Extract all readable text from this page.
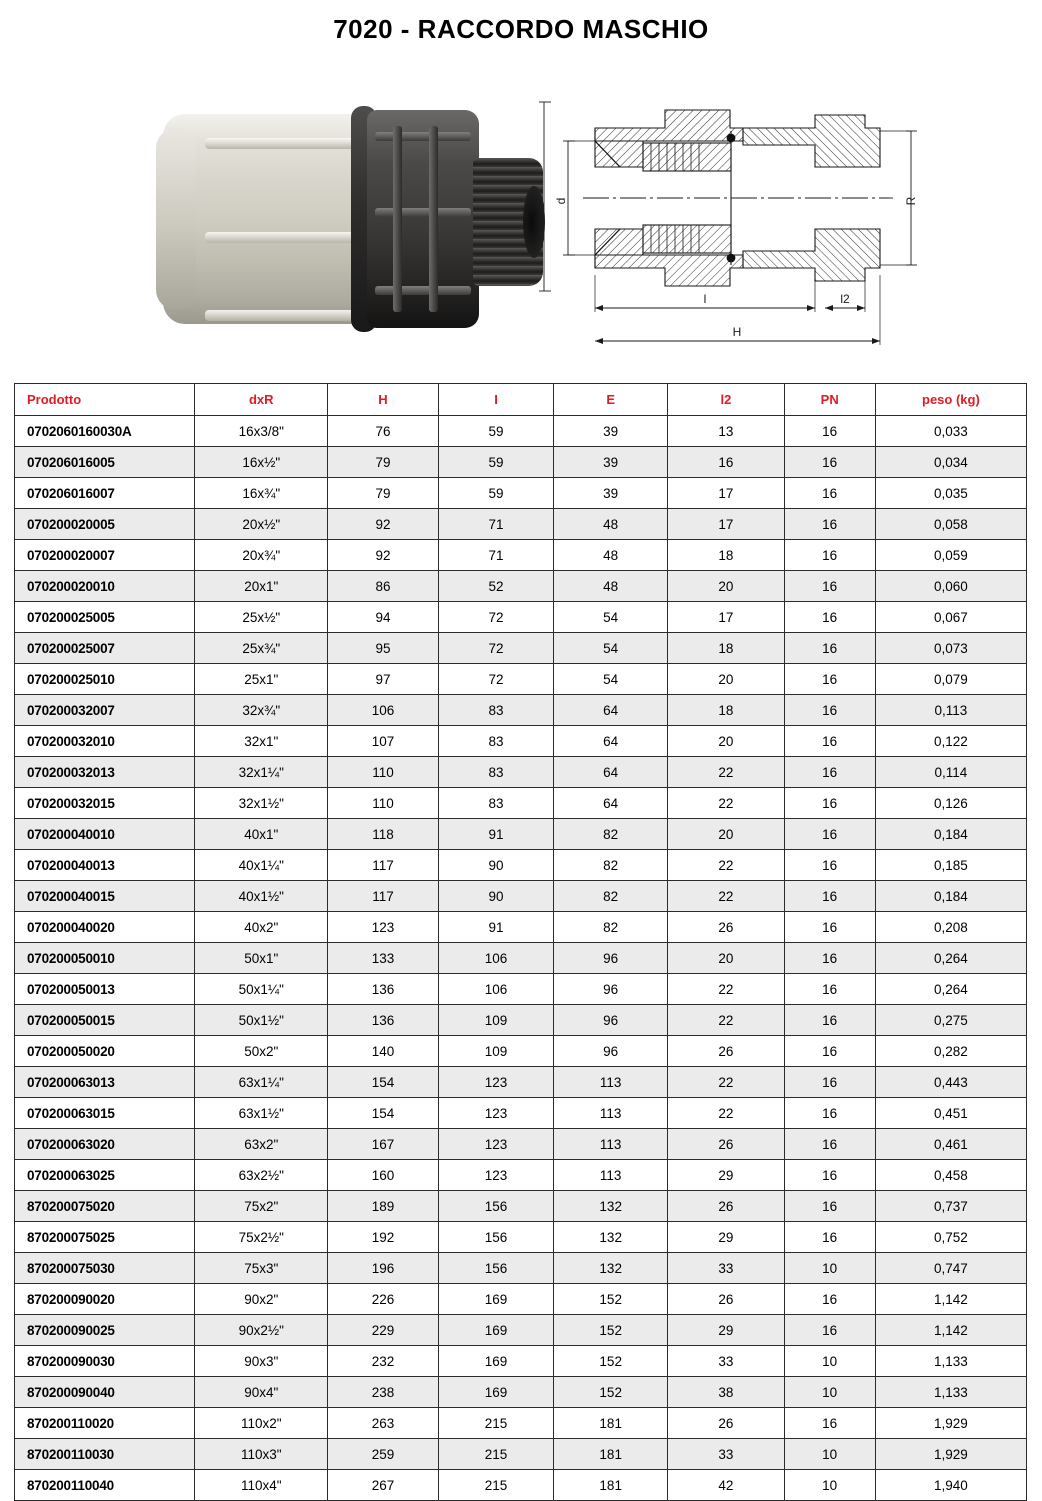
7020 - RACCORDO MASCHIO
E d	R
l	l2
H
Prodotto	dxR	H	I	E	l2	PN	peso (kg)
0702060160030A	16x3/8"	76	59	39	13	16	0,033
070206016005	16x½"	79	59	39	16	16	0,034
070206016007	16x¾"	79	59	39	17	16	0,035
070200020005	20x½"	92	71	48	17	16	0,058
070200020007	20x¾"	92	71	48	18	16	0,059
070200020010	20x1"	86	52	48	20	16	0,060
070200025005	25x½"	94	72	54	17	16	0,067
070200025007	25x¾"	95	72	54	18	16	0,073
070200025010	25x1"	97	72	54	20	16	0,079
070200032007	32x¾"	106	83	64	18	16	0,113
070200032010	32x1"	107	83	64	20	16	0,122
070200032013	32x1¼"	110	83	64	22	16	0,114
070200032015	32x1½"	110	83	64	22	16	0,126
070200040010	40x1"	118	91	82	20	16	0,184
070200040013	40x1¼"	117	90	82	22	16	0,185
070200040015	40x1½"	117	90	82	22	16	0,184
070200040020	40x2"	123	91	82	26	16	0,208
070200050010	50x1"	133	106	96	20	16	0,264
070200050013	50x1¼"	136	106	96	22	16	0,264
070200050015	50x1½"	136	109	96	22	16	0,275
070200050020	50x2"	140	109	96	26	16	0,282
070200063013	63x1¼"	154	123	113	22	16	0,443
070200063015	63x1½"	154	123	113	22	16	0,451
070200063020	63x2"	167	123	113	26	16	0,461
070200063025	63x2½"	160	123	113	29	16	0,458
870200075020	75x2"	189	156	132	26	16	0,737
870200075025	75x2½"	192	156	132	29	16	0,752
870200075030	75x3"	196	156	132	33	10	0,747
870200090020	90x2"	226	169	152	26	16	1,142
870200090025	90x2½"	229	169	152	29	16	1,142
870200090030	90x3"	232	169	152	33	10	1,133
870200090040	90x4"	238	169	152	38	10	1,133
870200110020	110x2"	263	215	181	26	16	1,929
870200110030	110x3"	259	215	181	33	10	1,929
870200110040	110x4"	267	215	181	42	10	1,940
